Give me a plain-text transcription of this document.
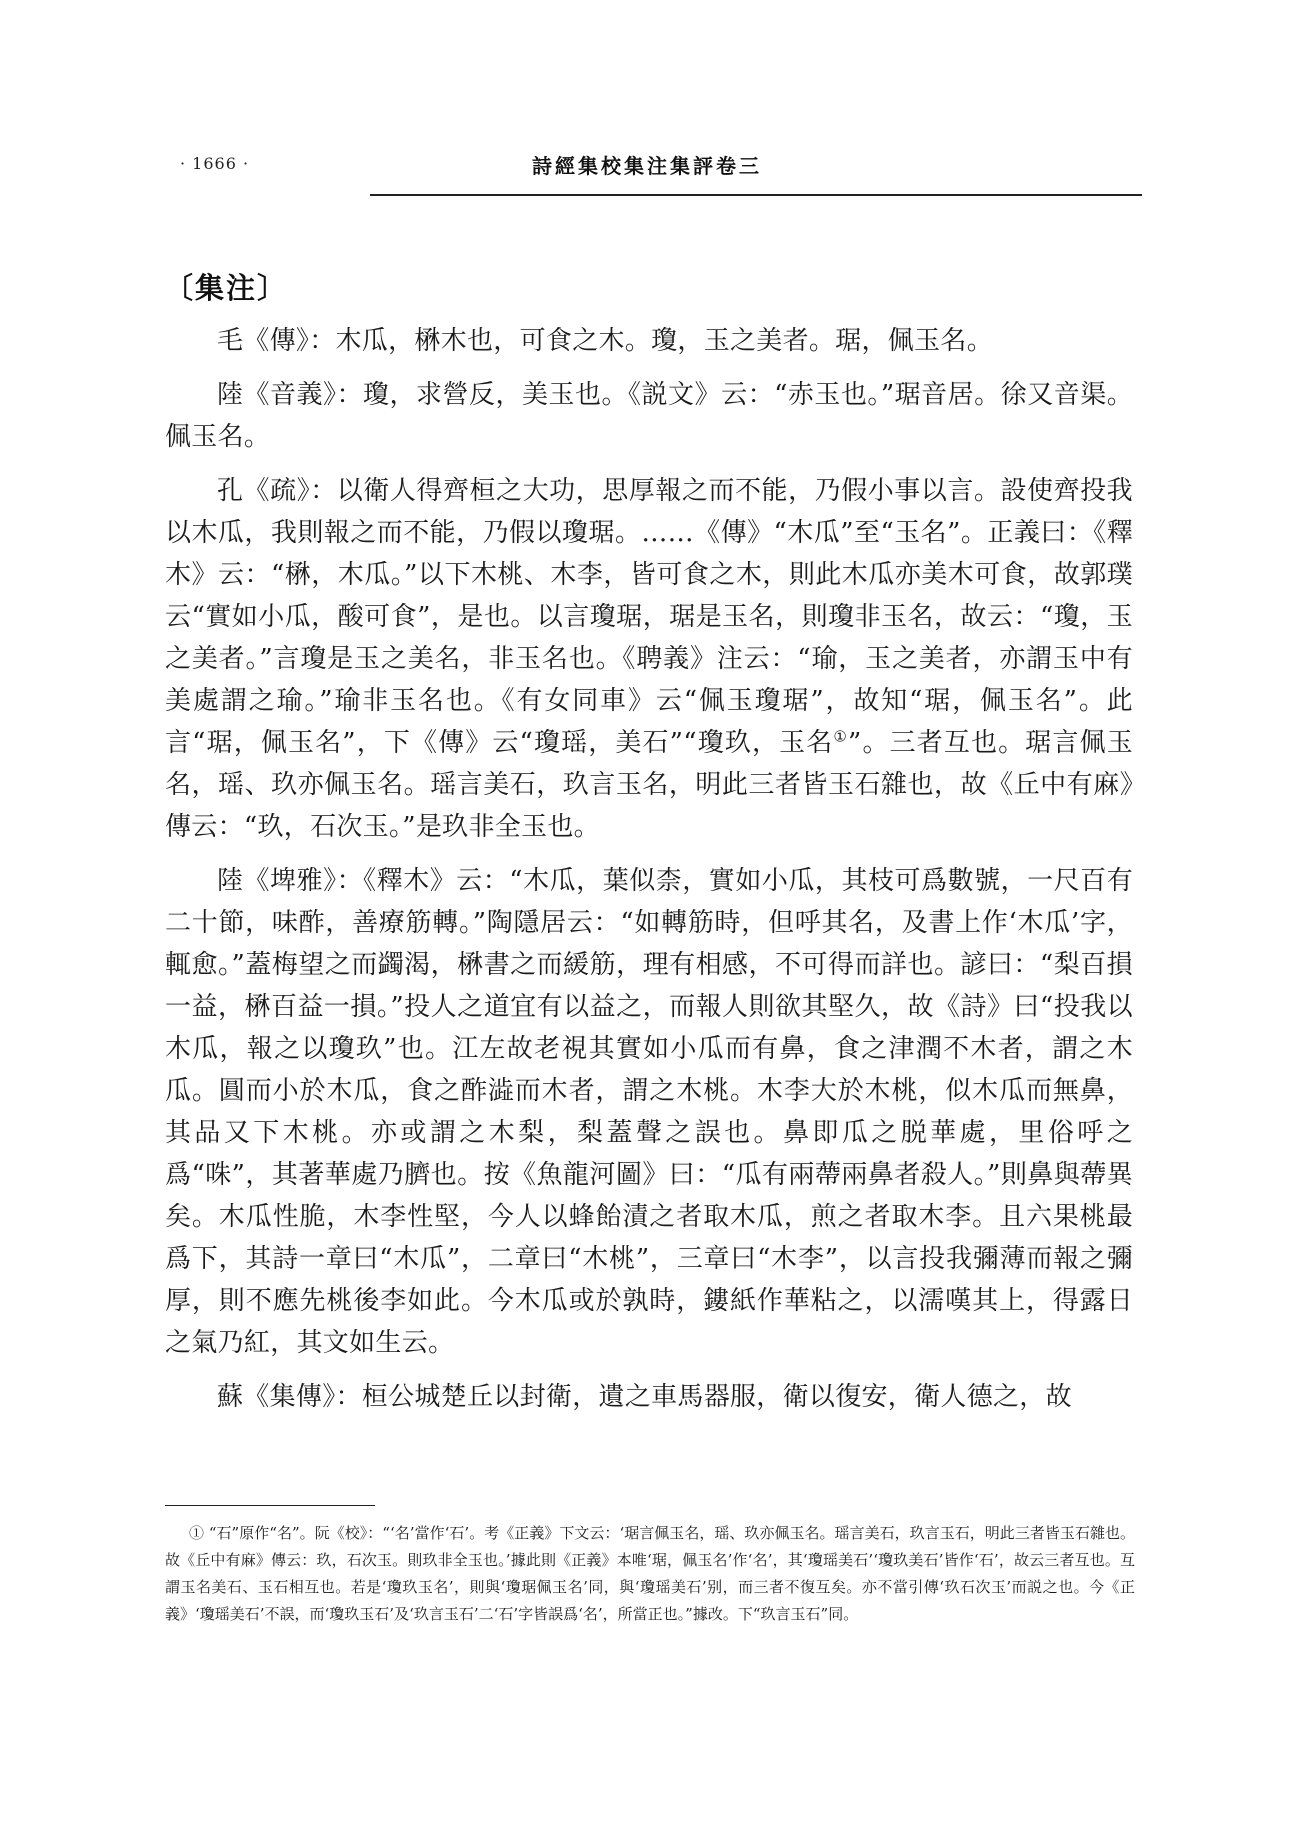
· 1666 ·	詩經集校集注集評卷三
〔集注〕

毛《傳》：木瓜，楙木也，可食之木。瓊，玉之美者。琚，佩玉名。

陸《音義》：瓊，求營反，美玉也。《説文》云：“赤玉也。”琚音居。徐又音渠。佩玉名。

孔《疏》：以衛人得齊桓之大功，思厚報之而不能，乃假小事以言。設使齊投我以木瓜，我則報之而不能，乃假以瓊琚。……《傳》“木瓜”至“玉名”。正義曰：《釋木》云：“楙，木瓜。”以下木桃、木李，皆可食之木，則此木瓜亦美木可食，故郭璞云“實如小瓜，酸可食”，是也。以言瓊琚，琚是玉名，則瓊非玉名，故云：“瓊，玉之美者。”言瓊是玉之美名，非玉名也。《聘義》注云：“瑜，玉之美者，亦謂玉中有美處謂之瑜。”瑜非玉名也。《有女同車》云“佩玉瓊琚”，故知“琚，佩玉名”。此言“琚，佩玉名”，下《傳》云“瓊瑶，美石”“瓊玖，玉名①”。三者互也。琚言佩玉名，瑶、玖亦佩玉名。瑶言美石，玖言玉名，明此三者皆玉石雜也，故《丘中有麻》傳云：“玖，石次玉。”是玖非全玉也。

陸《埤雅》：《釋木》云：“木瓜，葉似柰，實如小瓜，其枝可爲數號，一尺百有二十節，味酢，善療筋轉。”陶隱居云：“如轉筋時，但呼其名，及書上作‘木瓜’字，輒愈。”蓋梅望之而蠲渴，楙書之而緩筋，理有相感，不可得而詳也。諺曰：“梨百損一益，楙百益一損。”投人之道宜有以益之，而報人則欲其堅久，故《詩》曰“投我以木瓜，報之以瓊玖”也。江左故老視其實如小瓜而有鼻，食之津潤不木者，謂之木瓜。圓而小於木瓜，食之酢澁而木者，謂之木桃。木李大於木桃，似木瓜而無鼻，其品又下木桃。亦或謂之木梨，梨蓋聲之誤也。鼻即瓜之脱華處，里俗呼之爲“咮”，其著華處乃臍也。按《魚龍河圖》曰：“瓜有兩蔕兩鼻者殺人。”則鼻與蔕異矣。木瓜性脆，木李性堅，今人以蜂飴漬之者取木瓜，煎之者取木李。且六果桃最爲下，其詩一章曰“木瓜”，二章曰“木桃”，三章曰“木李”，以言投我彌薄而報之彌厚，則不應先桃後李如此。今木瓜或於孰時，鏤紙作華粘之，以濡嘆其上，得露日之氣乃紅，其文如生云。

蘇《集傳》：桓公城楚丘以封衛，遺之車馬器服，衛以復安，衛人德之，故

① “石”原作“名”。阮《校》：“‘名’當作‘石’。考《正義》下文云：‘琚言佩玉名，瑶、玖亦佩玉名。瑶言美石，玖言玉石，明此三者皆玉石雜也。故《丘中有麻》傳云：玖，石次玉。則玖非全玉也。’據此則《正義》本唯‘琚，佩玉名’作‘名’，其‘瓊瑶美石’‘瓊玖美石’皆作‘石’，故云三者互也。互謂玉名美石、玉石相互也。若是‘瓊玖玉名’，則與‘瓊琚佩玉名’同，與‘瓊瑶美石’别，而三者不復互矣。亦不當引傳‘玖石次玉’而説之也。今《正義》‘瓊瑶美石’不誤，而‘瓊玖玉石’及‘玖言玉石’二‘石’字皆誤爲‘名’，所當正也。”據改。下“玖言玉石”同。
